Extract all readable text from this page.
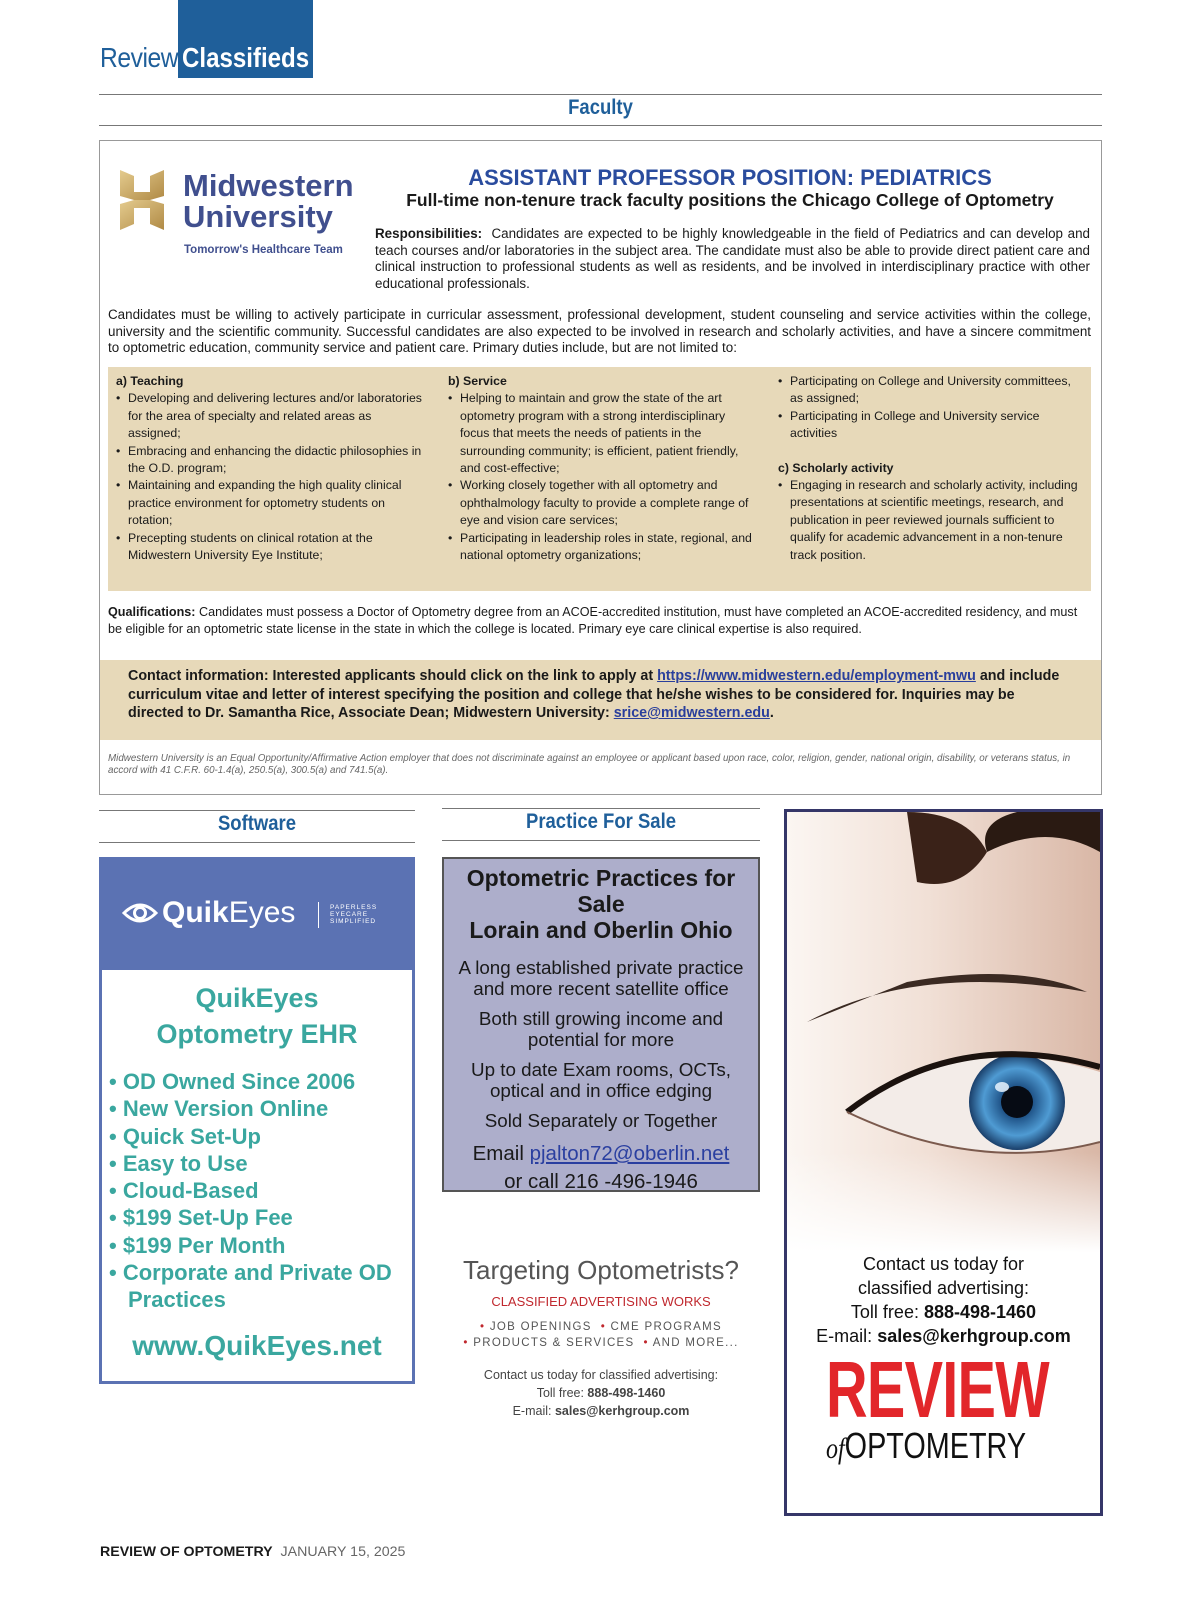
Review Classifieds
Faculty
Midwestern
University
Tomorrow's Healthcare Team
ASSISTANT PROFESSOR POSITION: PEDIATRICS
Full-time non-tenure track faculty positions the Chicago College of Optometry
Responsibilities: Candidates are expected to be highly knowledgeable in the field of Pediatrics and can develop and teach courses and/or laboratories in the subject area. The candidate must also be able to provide direct patient care and clinical instruction to professional students as well as residents, and be involved in interdisciplinary practice with other educational professionals.
Candidates must be willing to actively participate in curricular assessment, professional development, student counseling and service activities within the college, university and the scientific community. Successful candidates are also expected to be involved in research and scholarly activities, and have a sincere commitment to optometric education, community service and patient care. Primary duties include, but are not limited to:
a) Teaching
• Developing and delivering lectures and/or laboratories for the area of specialty and related areas as assigned;
• Embracing and enhancing the didactic philosophies in the O.D. program;
• Maintaining and expanding the high quality clinical practice environment for optometry students on rotation;
• Precepting students on clinical rotation at the Midwestern University Eye Institute;
b) Service
• Helping to maintain and grow the state of the art optometry program with a strong interdisciplinary focus that meets the needs of patients in the surrounding community; is efficient, patient friendly, and cost-effective;
• Working closely together with all optometry and ophthalmology faculty to provide a complete range of eye and vision care services;
• Participating in leadership roles in state, regional, and national optometry organizations;
• Participating on College and University committees, as assigned;
• Participating in College and University service activities
c) Scholarly activity
• Engaging in research and scholarly activity, including presentations at scientific meetings, research, and publication in peer reviewed journals sufficient to qualify for academic advancement in a non-tenure track position.
Qualifications: Candidates must possess a Doctor of Optometry degree from an ACOE-accredited institution, must have completed an ACOE-accredited residency, and must be eligible for an optometric state license in the state in which the college is located. Primary eye care clinical expertise is also required.
Contact information: Interested applicants should click on the link to apply at https://www.midwestern.edu/employment-mwu and include curriculum vitae and letter of interest specifying the position and college that he/she wishes to be considered for. Inquiries may be directed to Dr. Samantha Rice, Associate Dean; Midwestern University: srice@midwestern.edu.
Midwestern University is an Equal Opportunity/Affirmative Action employer that does not discriminate against an employee or applicant based upon race, color, religion, gender, national origin, disability, or veterans status, in accord with 41 C.F.R. 60-1.4(a), 250.5(a), 300.5(a) and 741.5(a).
Software
QuikEyes	PAPERLESS EYECARE SIMPLIFIED
QuikEyes
Optometry EHR
• OD Owned Since 2006
• New Version Online
• Quick Set-Up
• Easy to Use
• Cloud-Based
• $199 Set-Up Fee
• $199 Per Month
• Corporate and Private OD Practices
www.QuikEyes.net
Practice For Sale
Optometric Practices for Sale
Lorain and Oberlin Ohio
A long established private practice and more recent satellite office
Both still growing income and potential for more
Up to date Exam rooms, OCTs, optical and in office edging
Sold Separately or Together
Email pjalton72@oberlin.net
or call 216 -496-1946
Targeting Optometrists?
CLASSIFIED ADVERTISING WORKS
• JOB OPENINGS • CME PROGRAMS
• PRODUCTS & SERVICES • AND MORE...
Contact us today for classified advertising:
Toll free: 888-498-1460
E-mail: sales@kerhgroup.com
Contact us today for
classified advertising:
Toll free: 888-498-1460
E-mail: sales@kerhgroup.com
REVIEW
ofOPTOMETRY
REVIEW OF OPTOMETRY JANUARY 15, 2025
